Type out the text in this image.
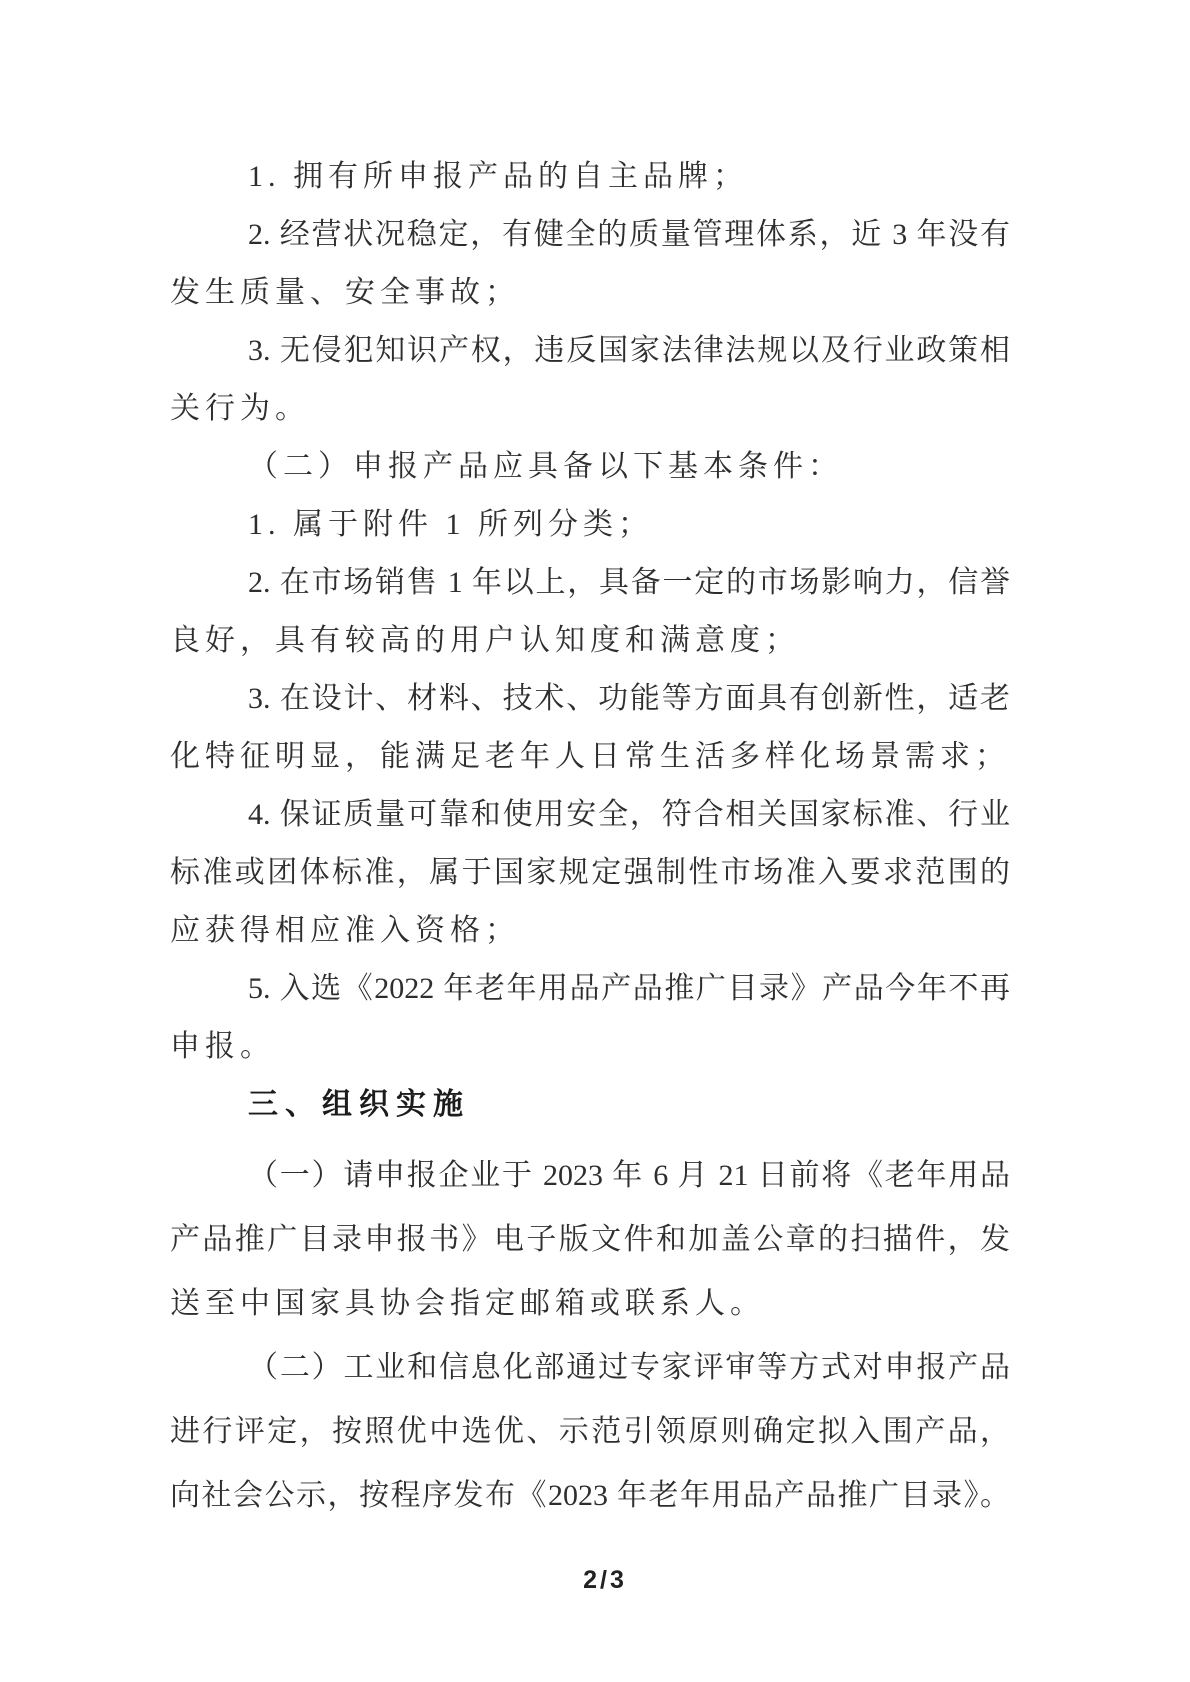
1. 拥有所申报产品的自主品牌；
2. 经营状况稳定，有健全的质量管理体系，近 3 年没有
发生质量、安全事故；
3. 无侵犯知识产权，违反国家法律法规以及行业政策相
关行为。
（二）申报产品应具备以下基本条件：
1. 属于附件 1 所列分类；
2. 在市场销售 1 年以上，具备一定的市场影响力，信誉
良好，具有较高的用户认知度和满意度；
3. 在设计、材料、技术、功能等方面具有创新性，适老
化特征明显，能满足老年人日常生活多样化场景需求；
4. 保证质量可靠和使用安全，符合相关国家标准、行业
标准或团体标准，属于国家规定强制性市场准入要求范围的
应获得相应准入资格；
5. 入选《2022 年老年用品产品推广目录》产品今年不再
申报。
三、组织实施
（一）请申报企业于 2023 年 6 月 21 日前将《老年用品
产品推广目录申报书》电子版文件和加盖公章的扫描件，发
送至中国家具协会指定邮箱或联系人。
（二）工业和信息化部通过专家评审等方式对申报产品
进行评定，按照优中选优、示范引领原则确定拟入围产品，
向社会公示，按程序发布《2023 年老年用品产品推广目录》。
2/3
